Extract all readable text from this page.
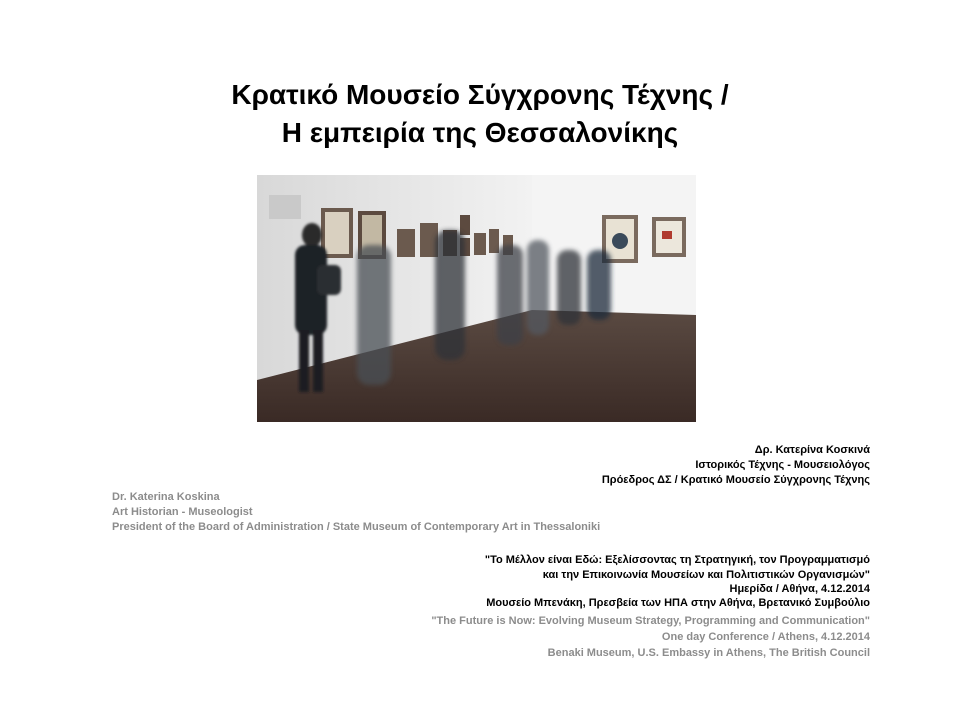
Κρατικό Μουσείο Σύγχρονης Τέχνης /
Η εμπειρία της Θεσσαλονίκης
Δρ. Κατερίνα Κοσκινά
Ιστορικός Τέχνης - Μουσειολόγος
Πρόεδρος ΔΣ / Κρατικό Μουσείο Σύγχρονης Τέχνης
Dr. Katerina Koskina
Art Historian - Museologist
President of the Board of Administration / State Museum of Contemporary Art in Thessaloniki
"Το Μέλλον είναι Εδώ: Εξελίσσοντας τη Στρατηγική, τον Προγραμματισμό
και την Επικοινωνία Μουσείων και Πολιτιστικών Οργανισμών"
Ημερίδα / Αθήνα, 4.12.2014
Μουσείο Μπενάκη, Πρεσβεία των ΗΠΑ στην Αθήνα, Βρετανικό Συμβούλιο
"The Future is Now: Evolving Museum Strategy, Programming and Communication"
One day Conference / Athens, 4.12.2014
Benaki Museum, U.S. Embassy in Athens, The British Council
